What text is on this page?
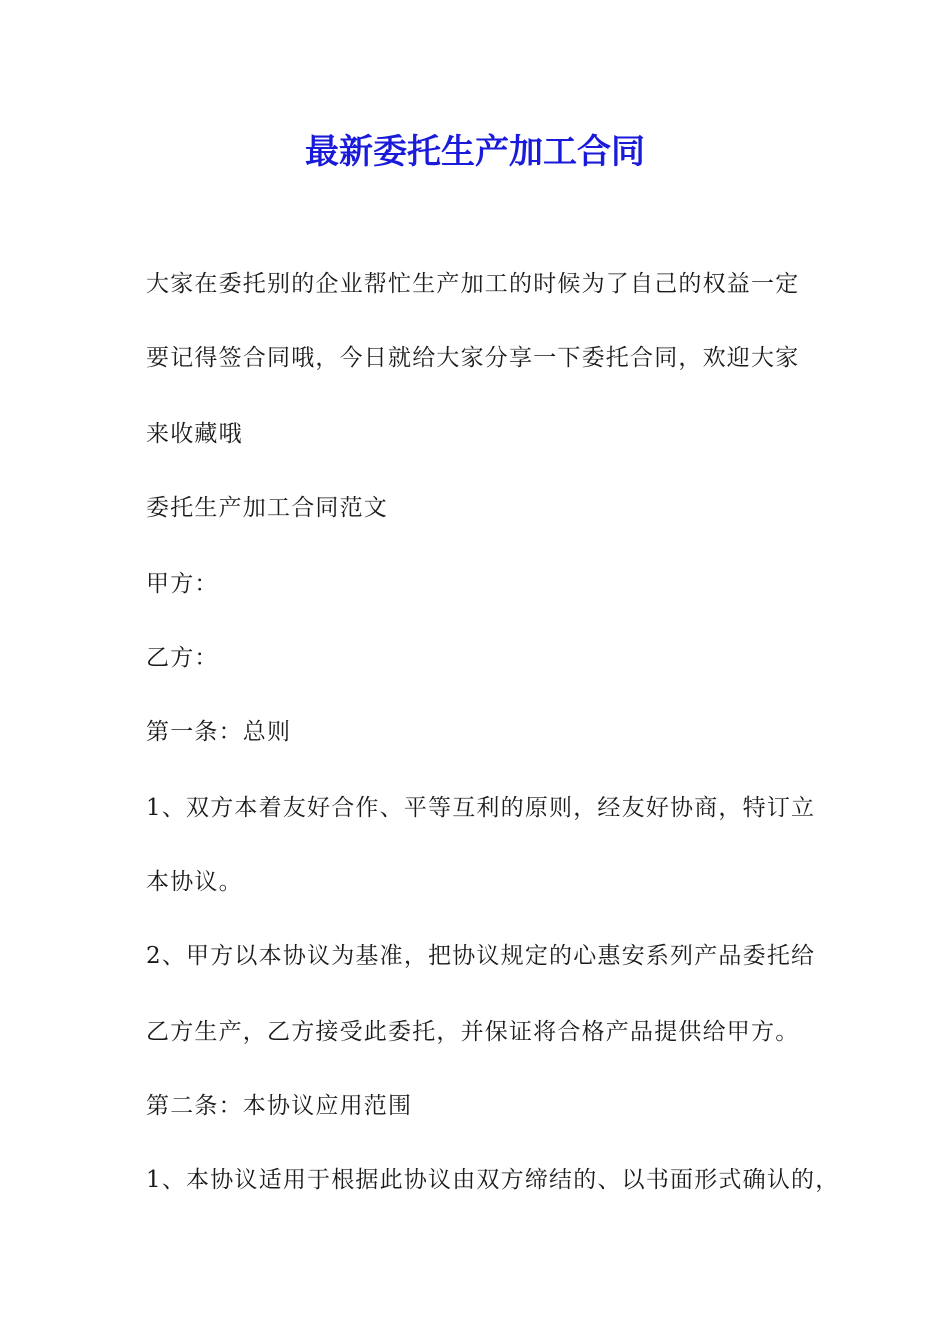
最新委托生产加工合同

大家在委托别的企业帮忙生产加工的时候为了自己的权益一定

要记得签合同哦，今日就给大家分享一下委托合同，欢迎大家

来收藏哦

委托生产加工合同范文

甲方：

乙方：

第一条：总则

1、双方本着友好合作、平等互利的原则，经友好协商，特订立

本协议。

2、甲方以本协议为基准，把协议规定的心惠安系列产品委托给

乙方生产，乙方接受此委托，并保证将合格产品提供给甲方。

第二条：本协议应用范围

1、本协议适用于根据此协议由双方缔结的、以书面形式确认的，
